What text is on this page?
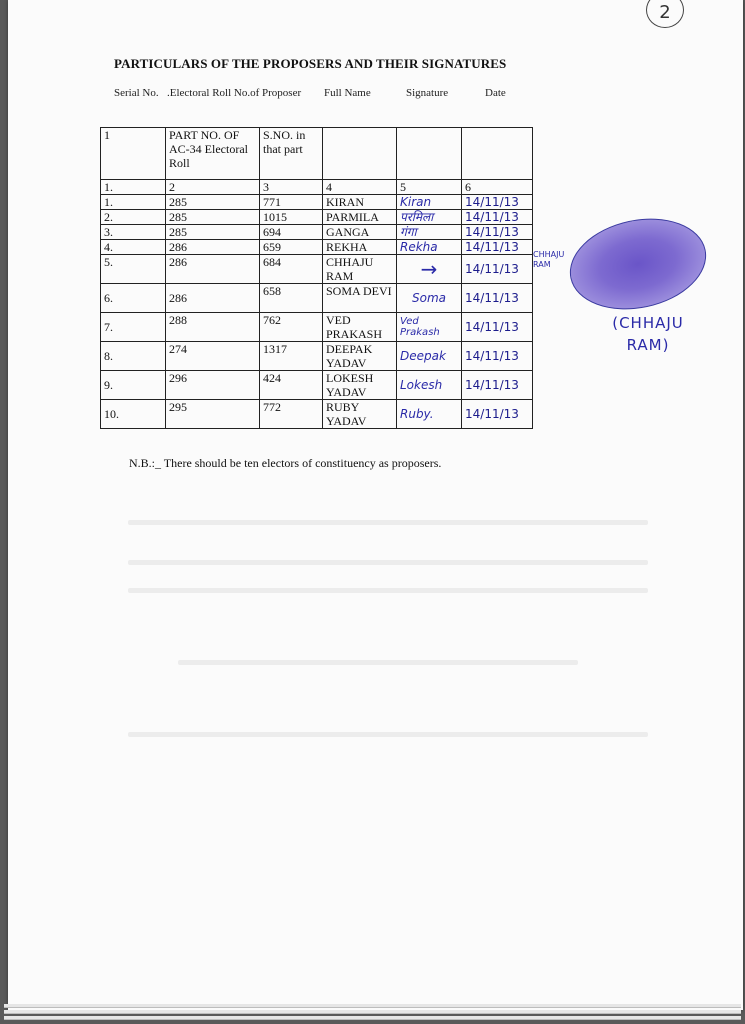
2
PARTICULARS OF THE PROPOSERS AND THEIR SIGNATURES
Serial No. .Electoral Roll No.of Proposer Full Name	Signature	Date
1	PART NO. OF AC-34 Electoral Roll	S.NO. in that part			
1.	2	3	4	5	6
1.	285	771	KIRAN	Kiran	14/11/13
2.	285	1015	PARMILA	परमिला	14/11/13
3.	285	694	GANGA	गंगा	14/11/13
4.	286	659	REKHA	Rekha	14/11/13
5.	286	684	CHHAJU RAM	→	14/11/13
6.	286	658	SOMA DEVI	Soma	14/11/13
7.	288	762	VED PRAKASH	Ved Prakash	14/11/13
8.	274	1317	DEEPAK YADAV	Deepak	14/11/13
9.	296	424	LOKESH YADAV	Lokesh	14/11/13
10.	295	772	RUBY YADAV	Ruby.	14/11/13
CHHAJU RAM
(CHHAJU RAM)
N.B.:_ There should be ten electors of constituency as proposers.
